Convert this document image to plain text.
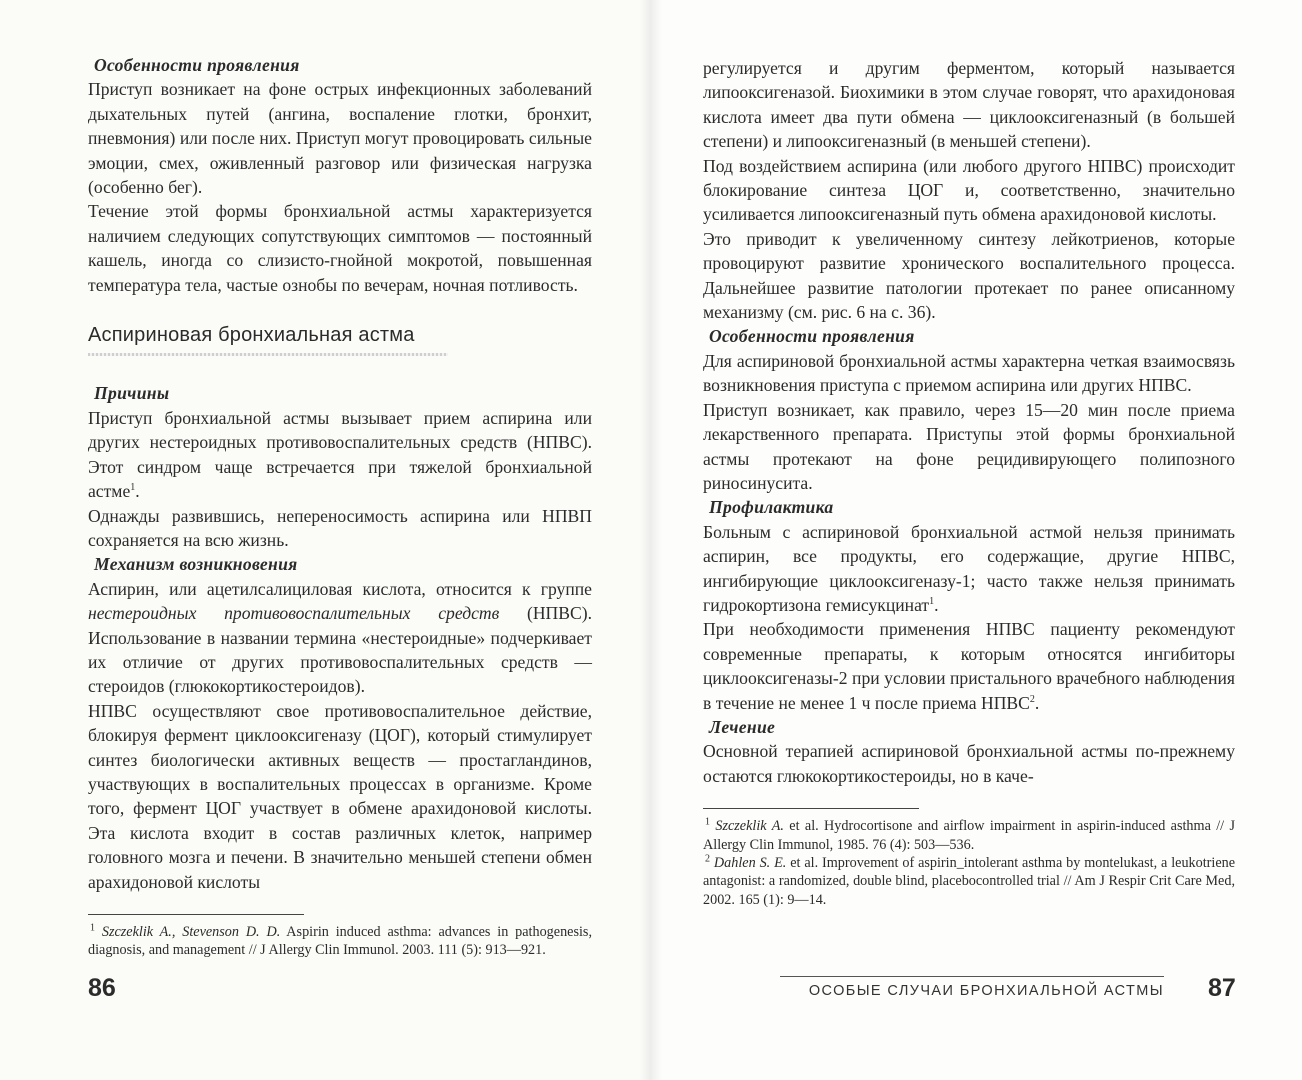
Особенности проявления

Приступ возникает на фоне острых инфекционных заболеваний дыхательных путей (ангина, воспаление глотки, бронхит, пневмония) или после них. Приступ могут провоцировать сильные эмоции, смех, оживленный разговор или физическая нагрузка (особенно бег).

Течение этой формы бронхиальной астмы характеризуется наличием следующих сопутствующих симптомов — постоянный кашель, иногда со слизисто-гнойной мокротой, повышенная температура тела, частые ознобы по вечерам, ночная потливость.

Аспириновая бронхиальная астма

Причины

Приступ бронхиальной астмы вызывает прием аспирина или других нестероидных противовоспалительных средств (НПВС). Этот синдром чаще встречается при тяжелой бронхиальной астме$^1$.

Однажды развившись, непереносимость аспирина или НПВП сохраняется на всю жизнь.

Механизм возникновения

Аспирин, или ацетилсалициловая кислота, относится к группе нестероидных противовоспалительных средств (НПВС). Использование в названии термина «нестероидные» подчеркивает их отличие от других противовоспалительных средств — стероидов (глюкокортикостероидов).

НПВС осуществляют свое противовоспалительное действие, блокируя фермент циклооксигеназу (ЦОГ), который стимулирует синтез биологически активных веществ — простагландинов, участвующих в воспалительных процессах в организме. Кроме того, фермент ЦОГ участвует в обмене арахидоновой кислоты. Эта кислота входит в состав различных клеток, например головного мозга и печени. В значительно меньшей степени обмен арахидоновой кислоты

$^1$ Szczeklik A., Stevenson D. D. Aspirin induced asthma: advances in pathogenesis, diagnosis, and management // J Allergy Clin Immunol. 2003. 111 (5): 913—921.

86

регулируется и другим ферментом, который называется липооксигеназой. Биохимики в этом случае говорят, что арахидоновая кислота имеет два пути обмена — циклооксигеназный (в большей степени) и липооксигеназный (в меньшей степени).

Под воздействием аспирина (или любого другого НПВС) происходит блокирование синтеза ЦОГ и, соответственно, значительно усиливается липооксигеназный путь обмена арахидоновой кислоты.

Это приводит к увеличенному синтезу лейкотриенов, которые провоцируют развитие хронического воспалительного процесса. Дальнейшее развитие патологии протекает по ранее описанному механизму (см. рис. 6 на с. 36).

Особенности проявления

Для аспириновой бронхиальной астмы характерна четкая взаимосвязь возникновения приступа с приемом аспирина или других НПВС.

Приступ возникает, как правило, через 15—20 мин после приема лекарственного препарата. Приступы этой формы бронхиальной астмы протекают на фоне рецидивирующего полипозного риносинусита.

Профилактика

Больным с аспириновой бронхиальной астмой нельзя принимать аспирин, все продукты, его содержащие, другие НПВС, ингибирующие циклооксигеназу-1; часто также нельзя принимать гидрокортизона гемисукцинат$^1$.

При необходимости применения НПВС пациенту рекомендуют современные препараты, к которым относятся ингибиторы циклооксигеназы-2 при условии пристального врачебного наблюдения в течение не менее 1 ч после приема НПВС$^2$.

Лечение

Основной терапией аспириновой бронхиальной астмы по-прежнему остаются глюкокортикостероиды, но в каче-

$^1$ Szczeklik A. et al. Hydrocortisone and airflow impairment in aspirin-induced asthma // J Allergy Clin Immunol, 1985. 76 (4): 503—536.

$^2$ Dahlen S. E. et al. Improvement of aspirin_intolerant asthma by montelukast, a leukotriene antagonist: a randomized, double blind, placebocontrolled trial // Am J Respir Crit Care Med, 2002. 165 (1): 9—14.

ОСОБЫЕ СЛУЧАИ БРОНХИАЛЬНОЙ АСТМЫ 87
